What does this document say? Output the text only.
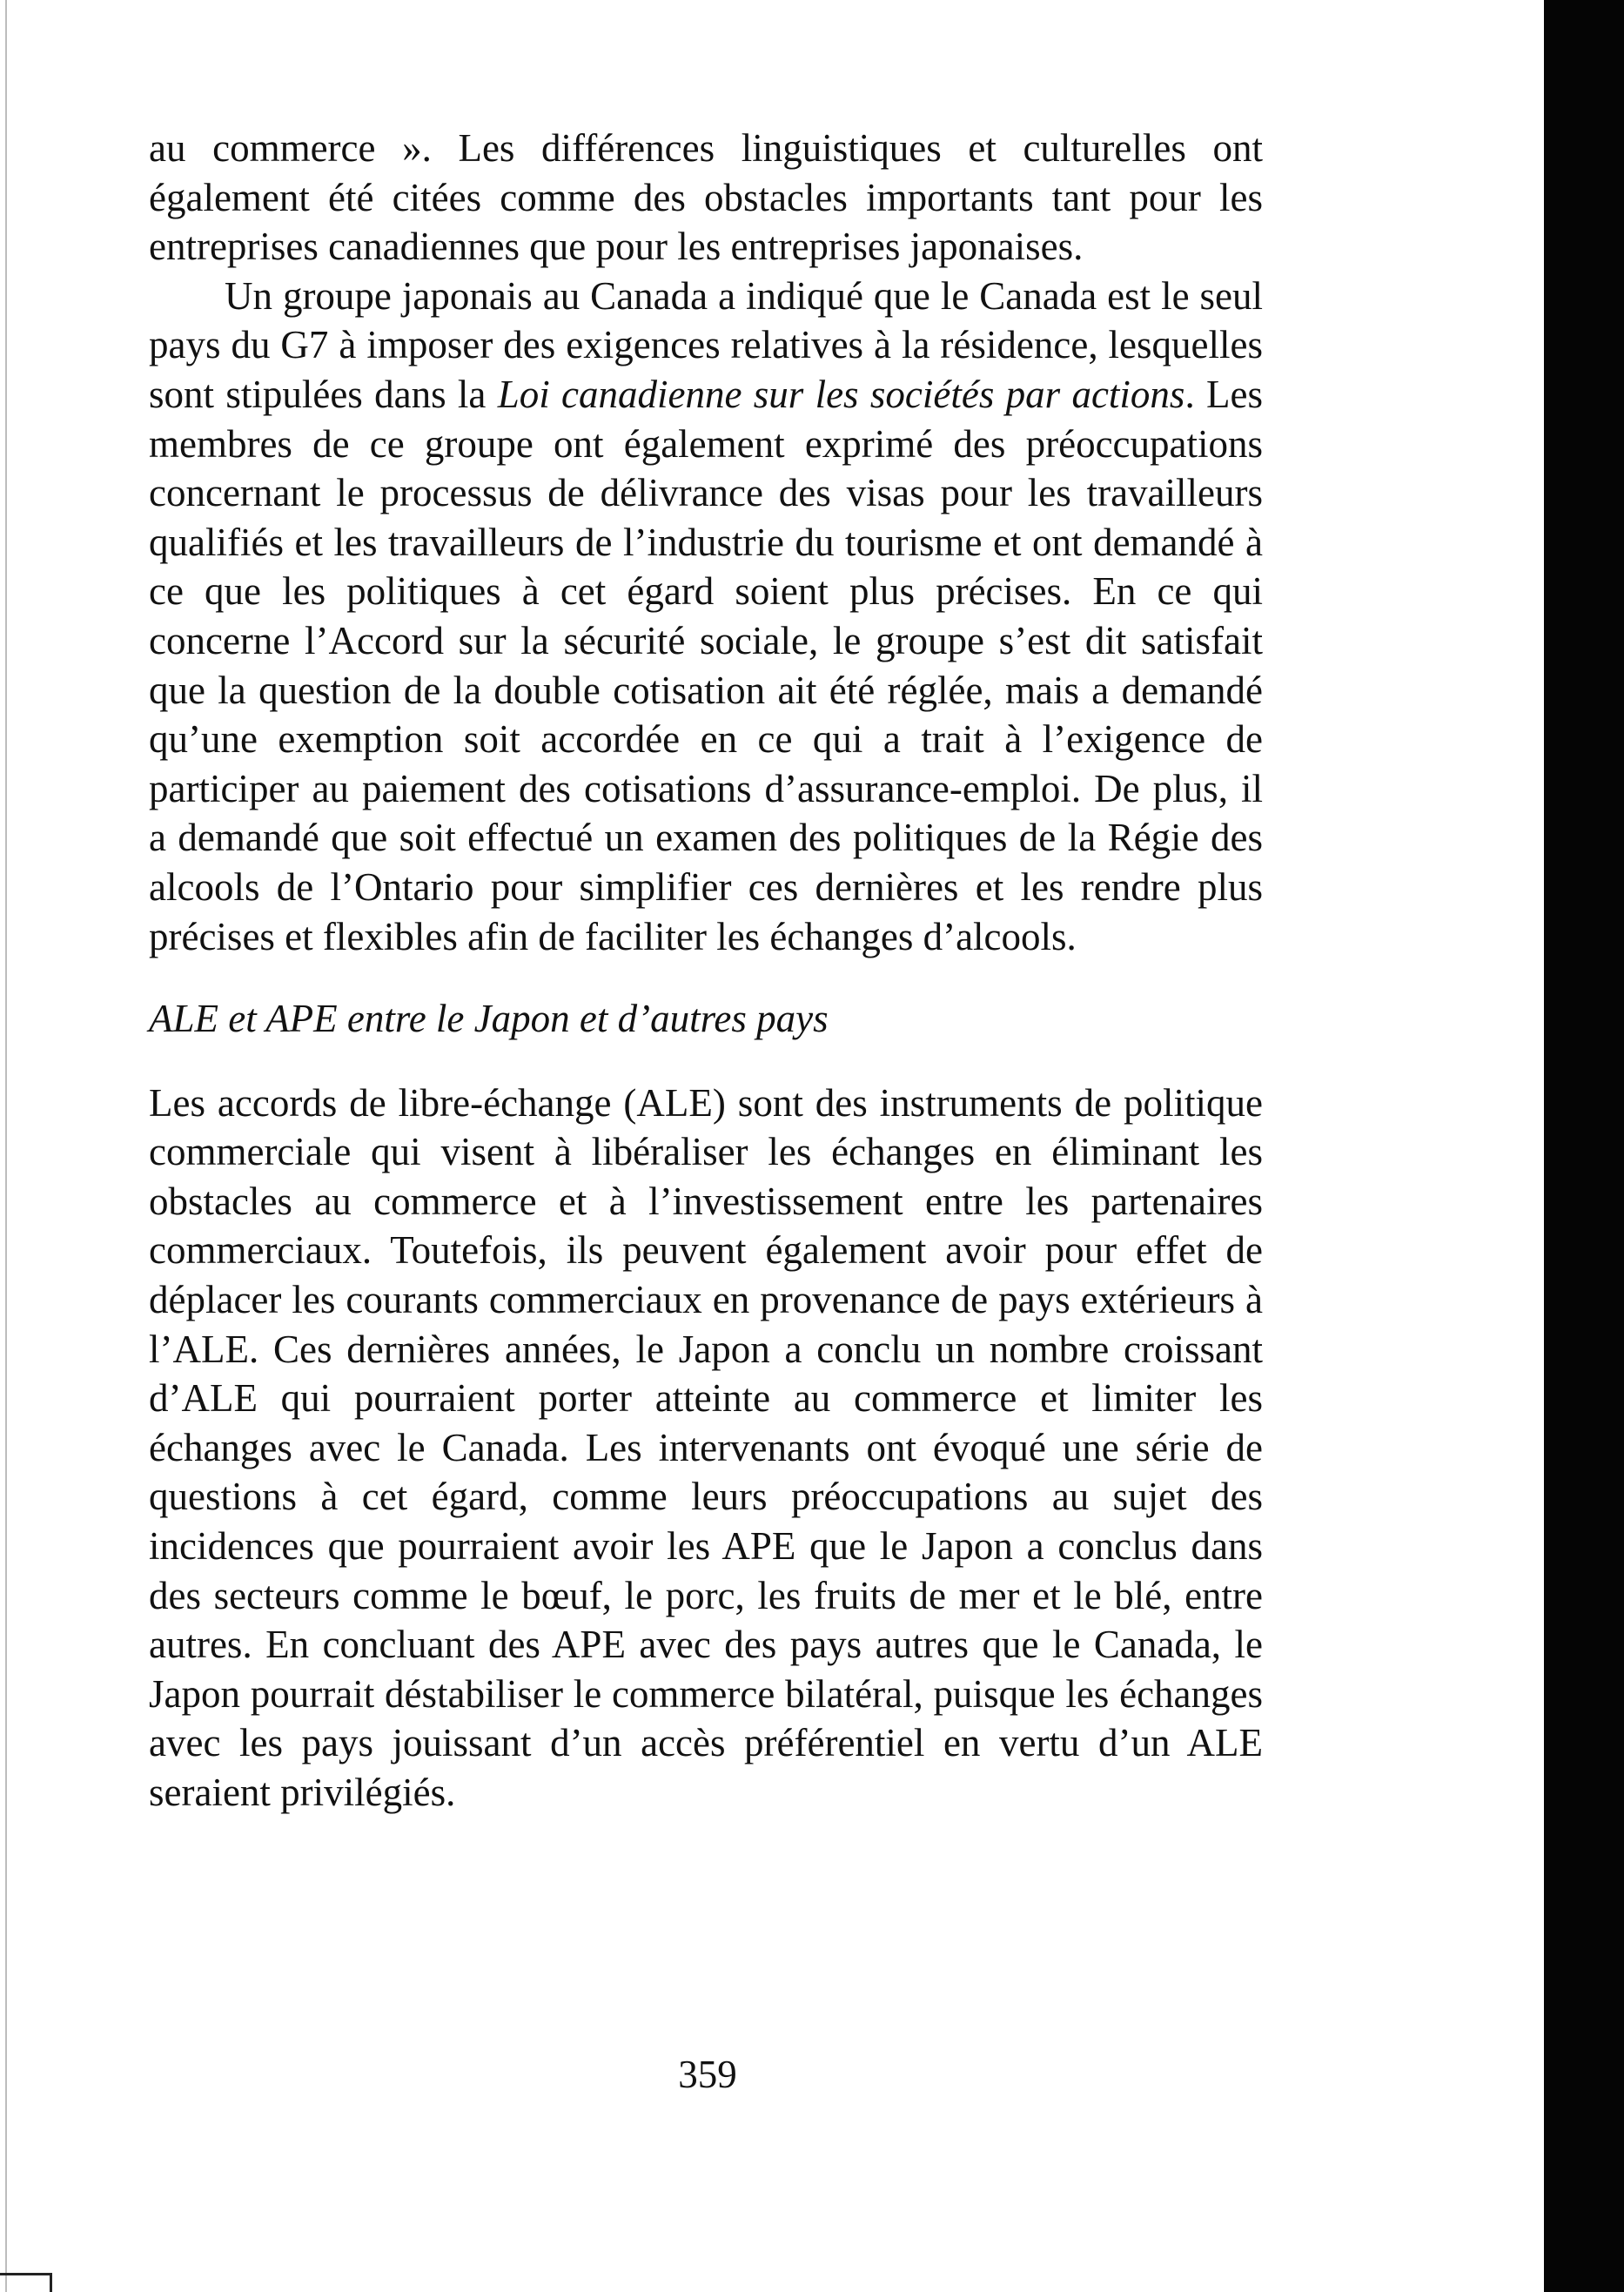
au commerce ». Les différences linguistiques et culturelles ont également été citées comme des obstacles importants tant pour les entreprises canadiennes que pour les entreprises japonaises.

Un groupe japonais au Canada a indiqué que le Canada est le seul pays du G7 à imposer des exigences relatives à la résidence, lesquelles sont stipulées dans la Loi canadienne sur les sociétés par actions. Les membres de ce groupe ont également exprimé des préoccupations concernant le processus de délivrance des visas pour les travailleurs qualifiés et les travailleurs de l’industrie du tourisme et ont demandé à ce que les politiques à cet égard soient plus précises. En ce qui concerne l’Accord sur la sécurité sociale, le groupe s’est dit satisfait que la question de la double cotisation ait été réglée, mais a demandé qu’une exemption soit accordée en ce qui a trait à l’exigence de participer au paiement des cotisations d’assurance-emploi. De plus, il a demandé que soit effectué un examen des politiques de la Régie des alcools de l’Ontario pour simplifier ces dernières et les rendre plus précises et flexibles afin de faciliter les échanges d’alcools.

ALE et APE entre le Japon et d’autres pays

Les accords de libre-échange (ALE) sont des instruments de politique commerciale qui visent à libéraliser les échanges en éliminant les obstacles au commerce et à l’investissement entre les partenaires commerciaux. Toutefois, ils peuvent également avoir pour effet de déplacer les courants commerciaux en provenance de pays extérieurs à l’ALE. Ces dernières années, le Japon a conclu un nombre croissant d’ALE qui pourraient porter atteinte au commerce et limiter les échanges avec le Canada. Les intervenants ont évoqué une série de questions à cet égard, comme leurs préoccupations au sujet des incidences que pourraient avoir les APE que le Japon a conclus dans des secteurs comme le bœuf, le porc, les fruits de mer et le blé, entre autres. En concluant des APE avec des pays autres que le Canada, le Japon pourrait déstabiliser le commerce bilatéral, puisque les échanges avec les pays jouissant d’un accès préférentiel en vertu d’un ALE seraient privilégiés.

359
